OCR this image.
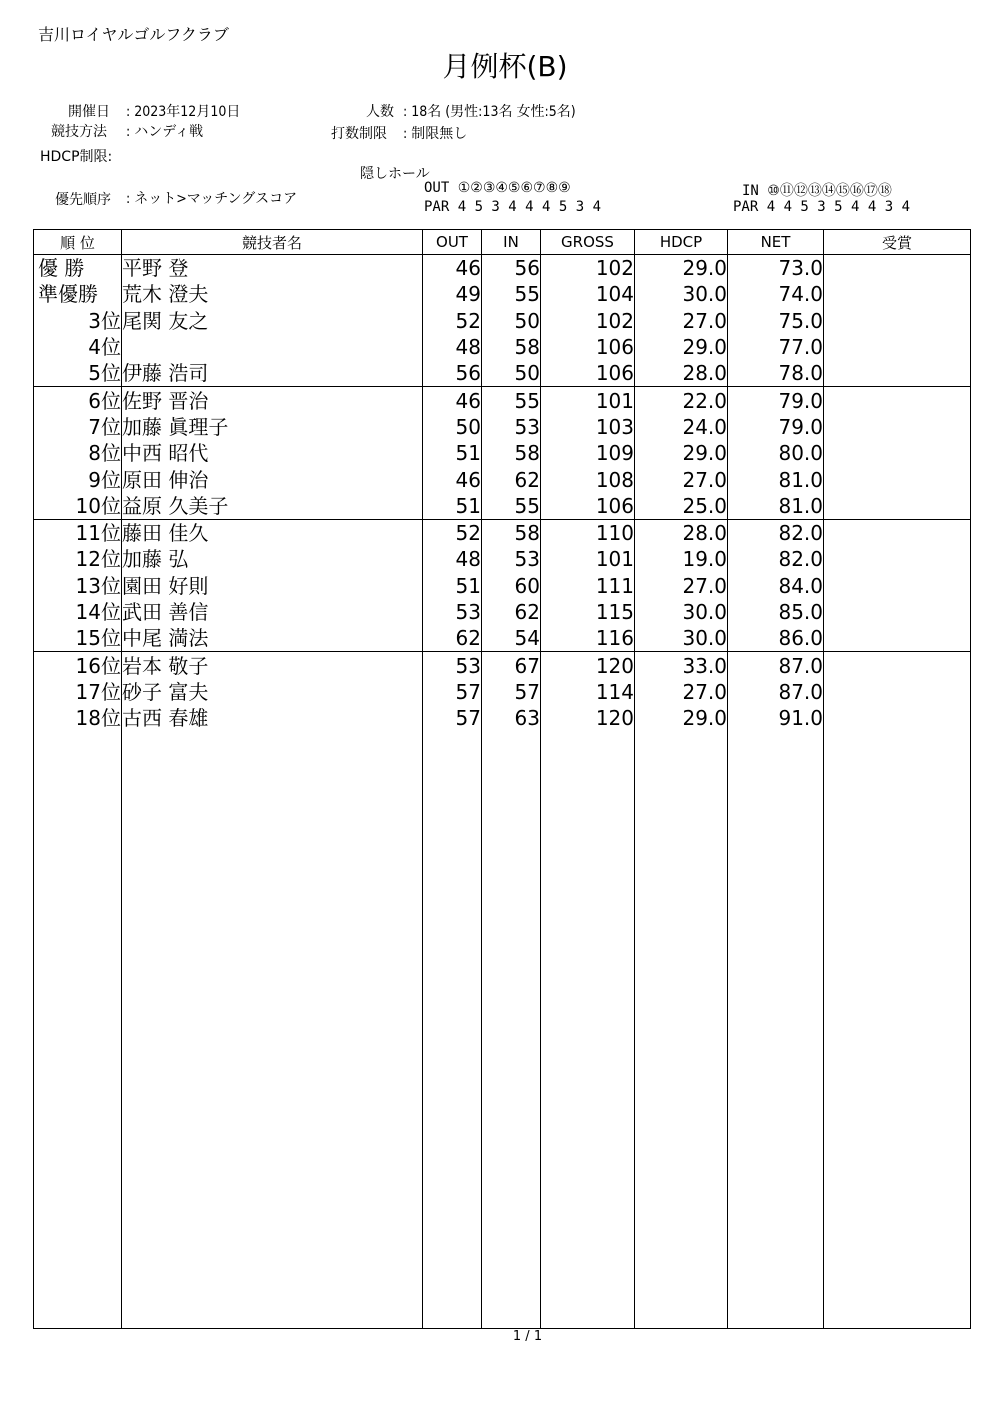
吉川ロイヤルゴルフクラブ
月例杯(B)
開催日 : 2023年12月10日
競技方法 : ハンディ戦
HDCP制限:
人数 : 18名 (男性:13名 女性:5名)
打数制限 : 制限無し
優先順序 : ネット>マッチングスコア
隠しホール
OUT ①②③④⑤⑥⑦⑧⑨
PAR 4 5 3 4 4 4 5 3 4
IN ⑩⑪⑫⑬⑭⑮⑯⑰⑱
PAR 4 4 5 3 5 4 4 3 4
順 位	競技者名	OUT	IN	GROSS	HDCP	NET	受賞
優 勝	平野 登	46	56	102	29.0	73.0	
準優勝	荒木 澄夫	49	55	104	30.0	74.0	
3位	尾関 友之	52	50	102	27.0	75.0	
4位		48	58	106	29.0	77.0	
5位	伊藤 浩司	56	50	106	28.0	78.0	
6位	佐野 晋治	46	55	101	22.0	79.0	
7位	加藤 眞理子	50	53	103	24.0	79.0	
8位	中西 昭代	51	58	109	29.0	80.0	
9位	原田 伸治	46	62	108	27.0	81.0	
10位	益原 久美子	51	55	106	25.0	81.0	
11位	藤田 佳久	52	58	110	28.0	82.0	
12位	加藤 弘	48	53	101	19.0	82.0	
13位	園田 好則	51	60	111	27.0	84.0	
14位	武田 善信	53	62	115	30.0	85.0	
15位	中尾 満法	62	54	116	30.0	86.0	
16位	岩本 敬子	53	67	120	33.0	87.0	
17位	砂子 富夫	57	57	114	27.0	87.0	
18位	古西 春雄	57	63	120	29.0	91.0	

1 / 1
